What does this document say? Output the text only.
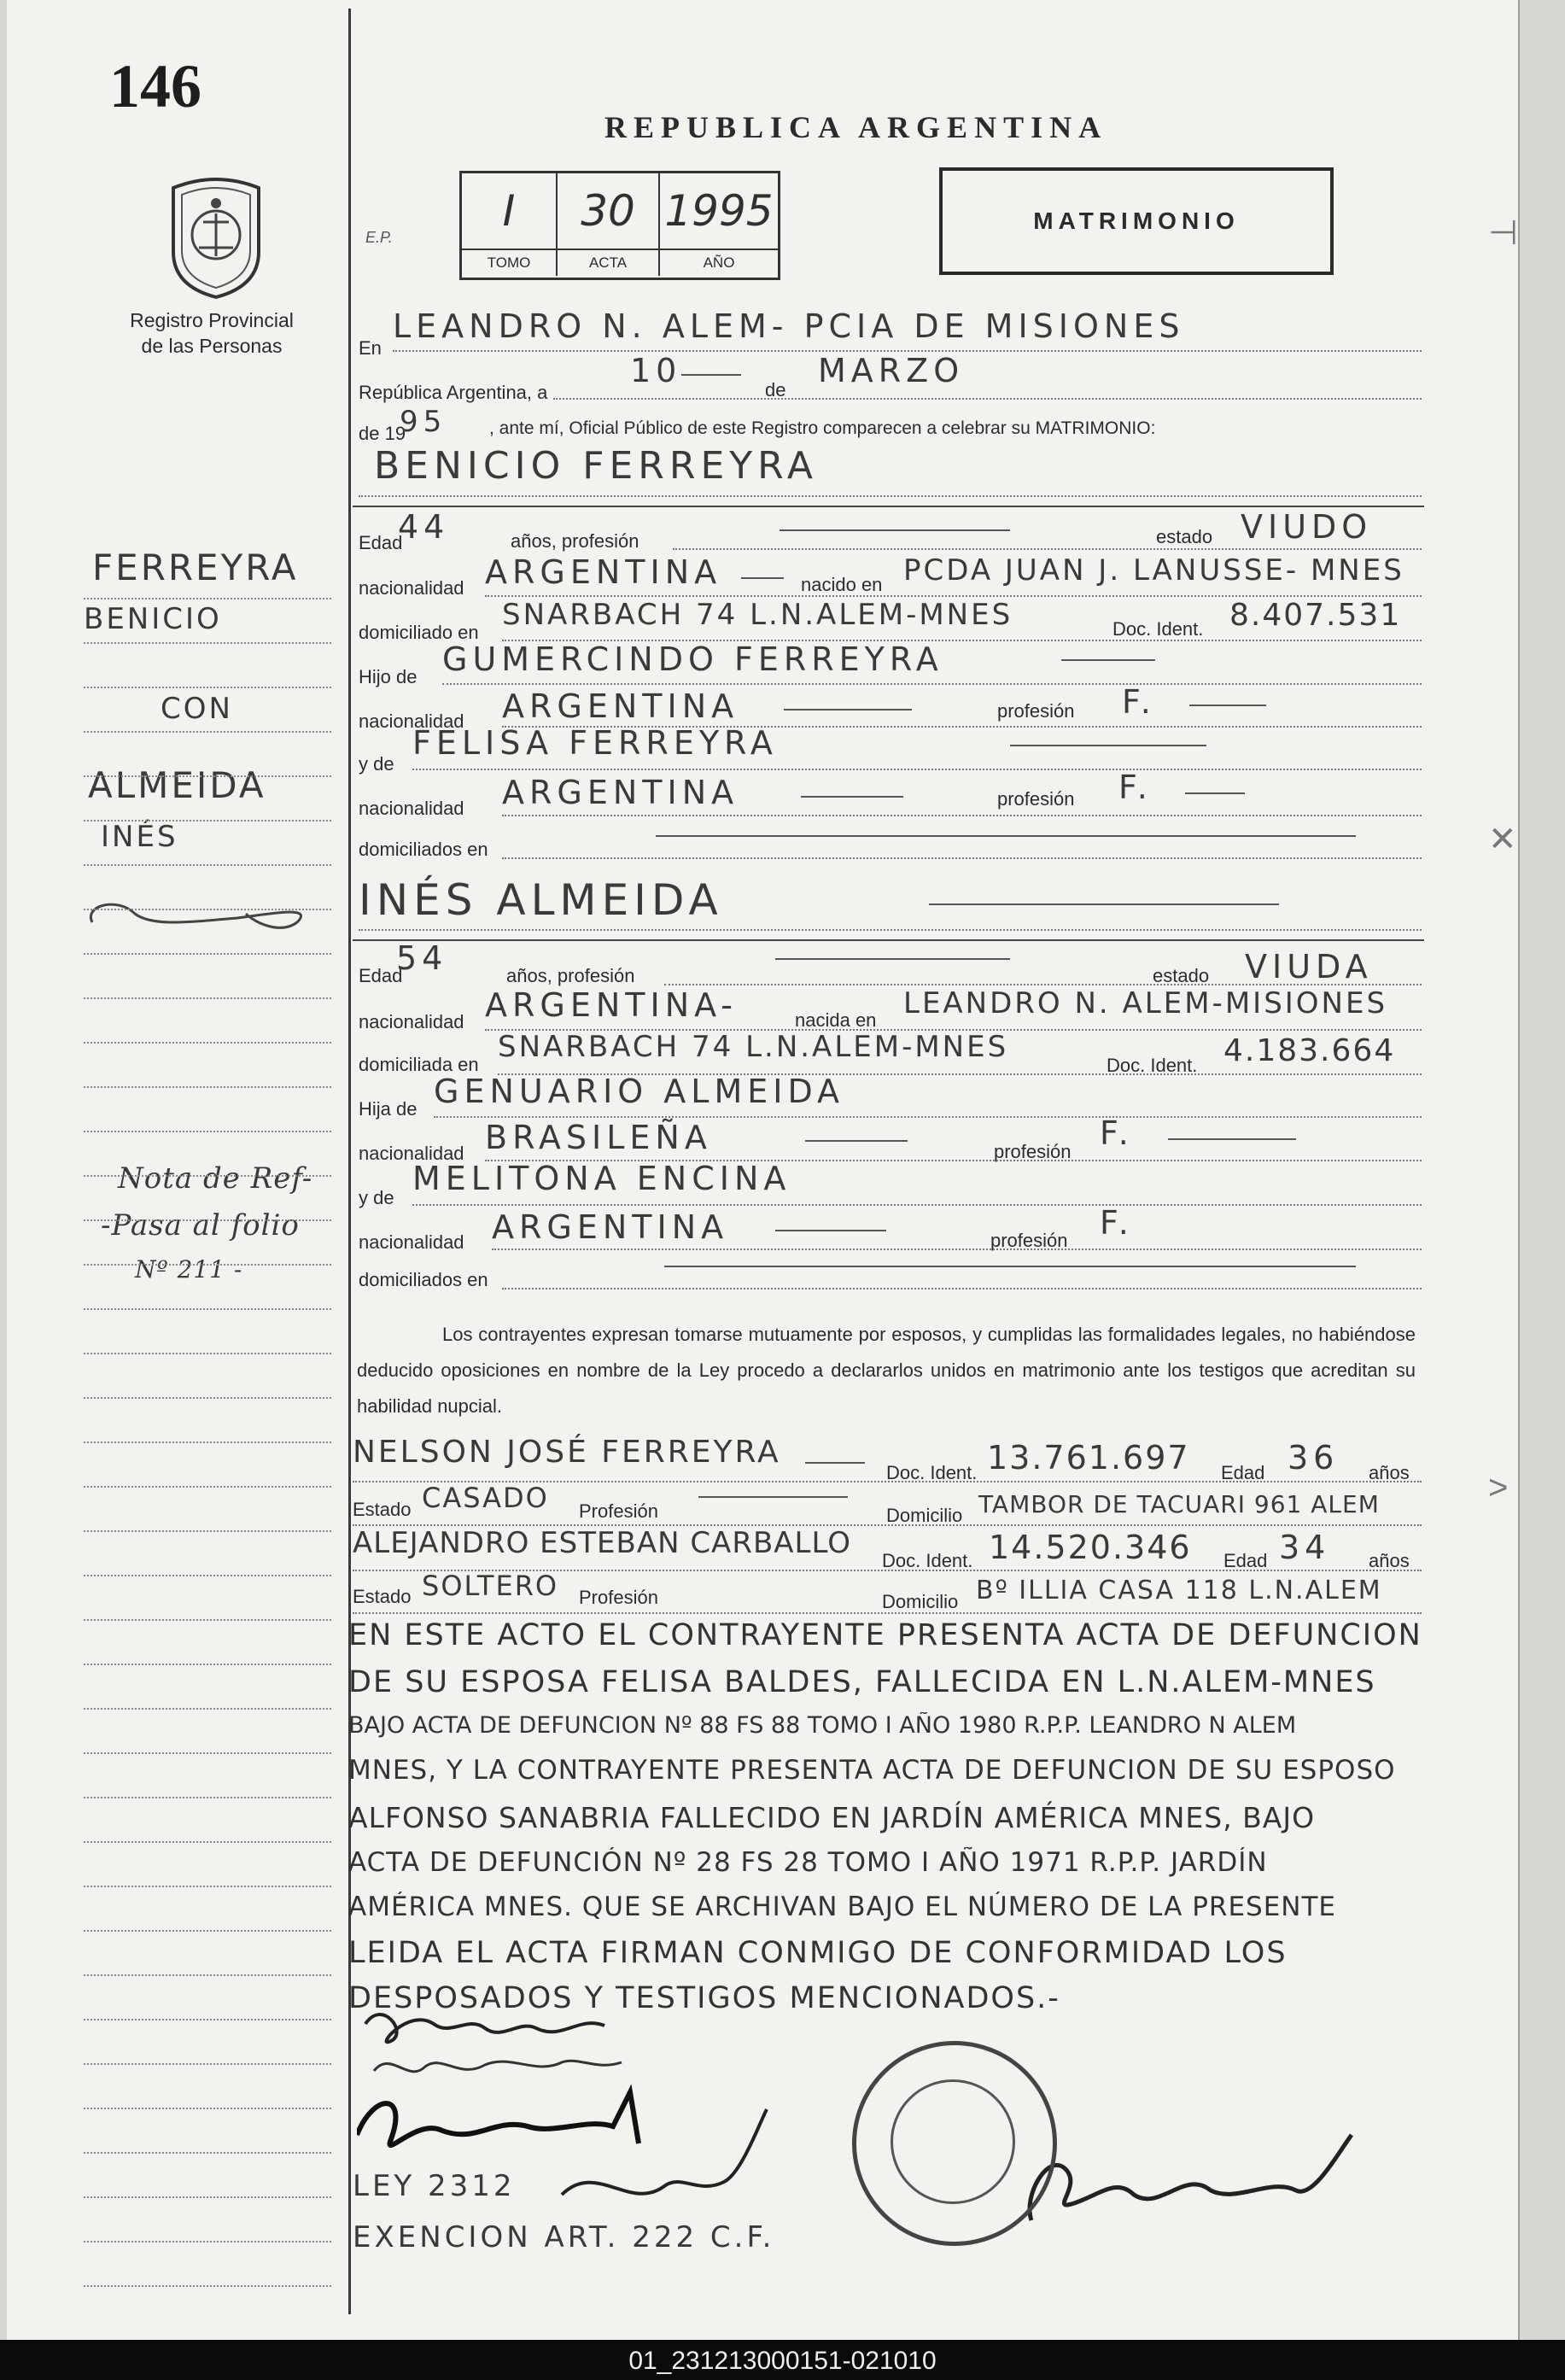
146
Registro Provincial
de las Personas
REPUBLICA ARGENTINA
E.P.
I
TOMO
30
ACTA
1995
AÑO
MATRIMONIO
En
LEANDRO N. ALEM- PCIA DE MISIONES
República Argentina, a
10
de
MARZO
de 19
95 , ante mí, Oficial Público de este Registro comparecen a celebrar su MATRIMONIO:
BENICIO FERREYRA
Edad
44	años, profesión	estado VIUDO
nacionalidad ARGENTINA	nacido en PCDA JUAN J. LANUSSE- MNES
domiciliado en
SNARBACH 74 L.N.ALEM-MNES	Doc. Ident. 8.407.531
Hijo de GUMERCINDO FERREYRA
nacionalidad ARGENTINA	profesión F.
y de
FELISA FERREYRA
nacionalidad ARGENTINA	profesión F.
domiciliados en
INÉS ALMEIDA
Edad
54	años, profesión	estado VIUDA
nacionalidad ARGENTINA-	nacida en LEANDRO N. ALEM-MISIONES
domiciliada en
SNARBACH 74 L.N.ALEM-MNES
Doc. Ident. 4.183.664
Hija de GENUARIO ALMEIDA
nacionalidad BRASILEÑA	profesión F.
y de
MELITONA ENCINA
nacionalidad ARGENTINA	profesión F.
domiciliados en
Los contrayentes expresan tomarse mutuamente por esposos, y cumplidas las formalidades legales, no habiéndose deducido oposiciones en nombre de la Ley procedo a declararlos unidos en matrimonio ante los testigos que acreditan su habilidad nupcial.
NELSON JOSÉ FERREYRA
Doc. Ident. 13.761.697 Edad 36 años
Estado CASADO Profesión	Domicilio TAMBOR DE TACUARI 961 ALEM
ALEJANDRO ESTEBAN CARBALLO
Doc. Ident. 14.520.346 Edad 34 años
Estado SOLTERO Profesión	Domicilio Bº ILLIA CASA 118 L.N.ALEM
EN ESTE ACTO EL CONTRAYENTE PRESENTA ACTA DE DEFUNCION
DE SU ESPOSA FELISA BALDES, FALLECIDA EN L.N.ALEM-MNES
BAJO ACTA DE DEFUNCION Nº 88 FS 88 TOMO I AÑO 1980 R.P.P. LEANDRO N ALEM
MNES, Y LA CONTRAYENTE PRESENTA ACTA DE DEFUNCION DE SU ESPOSO
ALFONSO SANABRIA FALLECIDO EN JARDÍN AMÉRICA MNES, BAJO
ACTA DE DEFUNCIÓN Nº 28 FS 28 TOMO I AÑO 1971 R.P.P. JARDÍN
AMÉRICA MNES. QUE SE ARCHIVAN BAJO EL NÚMERO DE LA PRESENTE
LEIDA EL ACTA FIRMAN CONMIGO DE CONFORMIDAD LOS
DESPOSADOS Y TESTIGOS MENCIONADOS.-
LEY 2312
EXENCION ART. 222 C.F.
FERREYRA
BENICIO
CON
ALMEIDA
INÉS
Nota de Ref-
-Pasa al folio
Nº 211 -
⊣
✕
>
01_231213000151-021010
